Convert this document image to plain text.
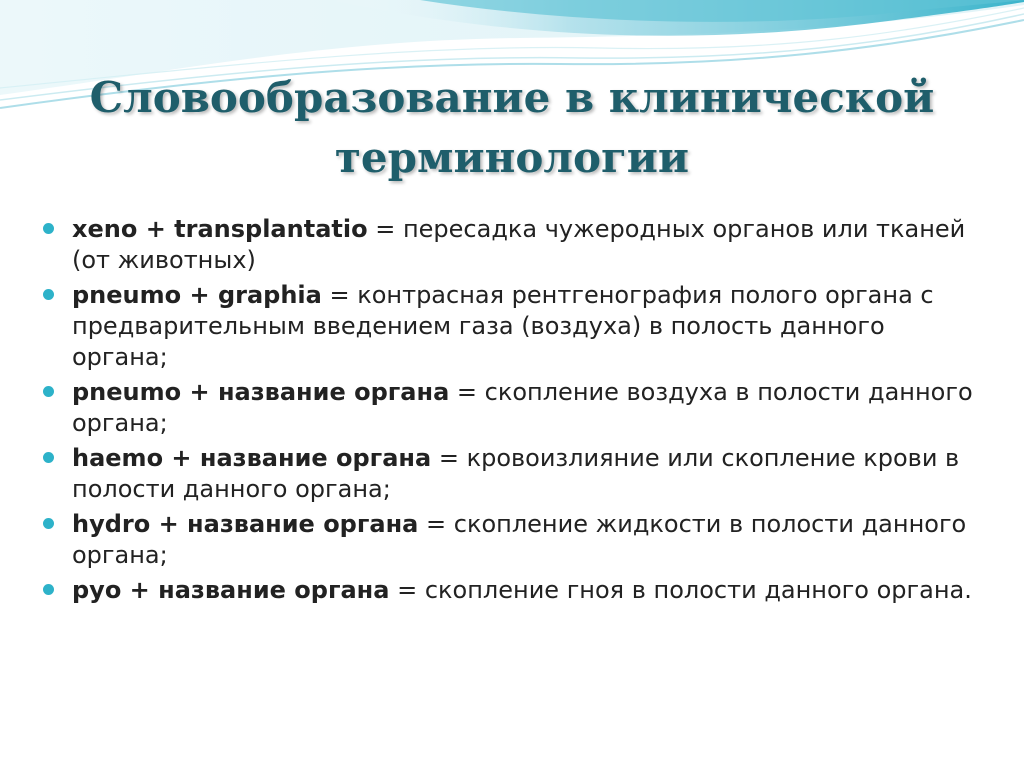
Словообразование в клинической
терминологии
xeno + transplantatio = пересадка чужеродных органов или тканей (от животных)
pneumo + graphia = контрасная рентгенография полого органа с предварительным введением газа (воздуха) в полость данного органа;
pneumo + название органа = скопление воздуха в полости данного органа;
haemo + название органа = кровоизлияние или скопление крови в полости данного органа;
hydro + название органа = скопление жидкости в полости данного органа;
pyo + название органа = скопление гноя в полости данного органа.
